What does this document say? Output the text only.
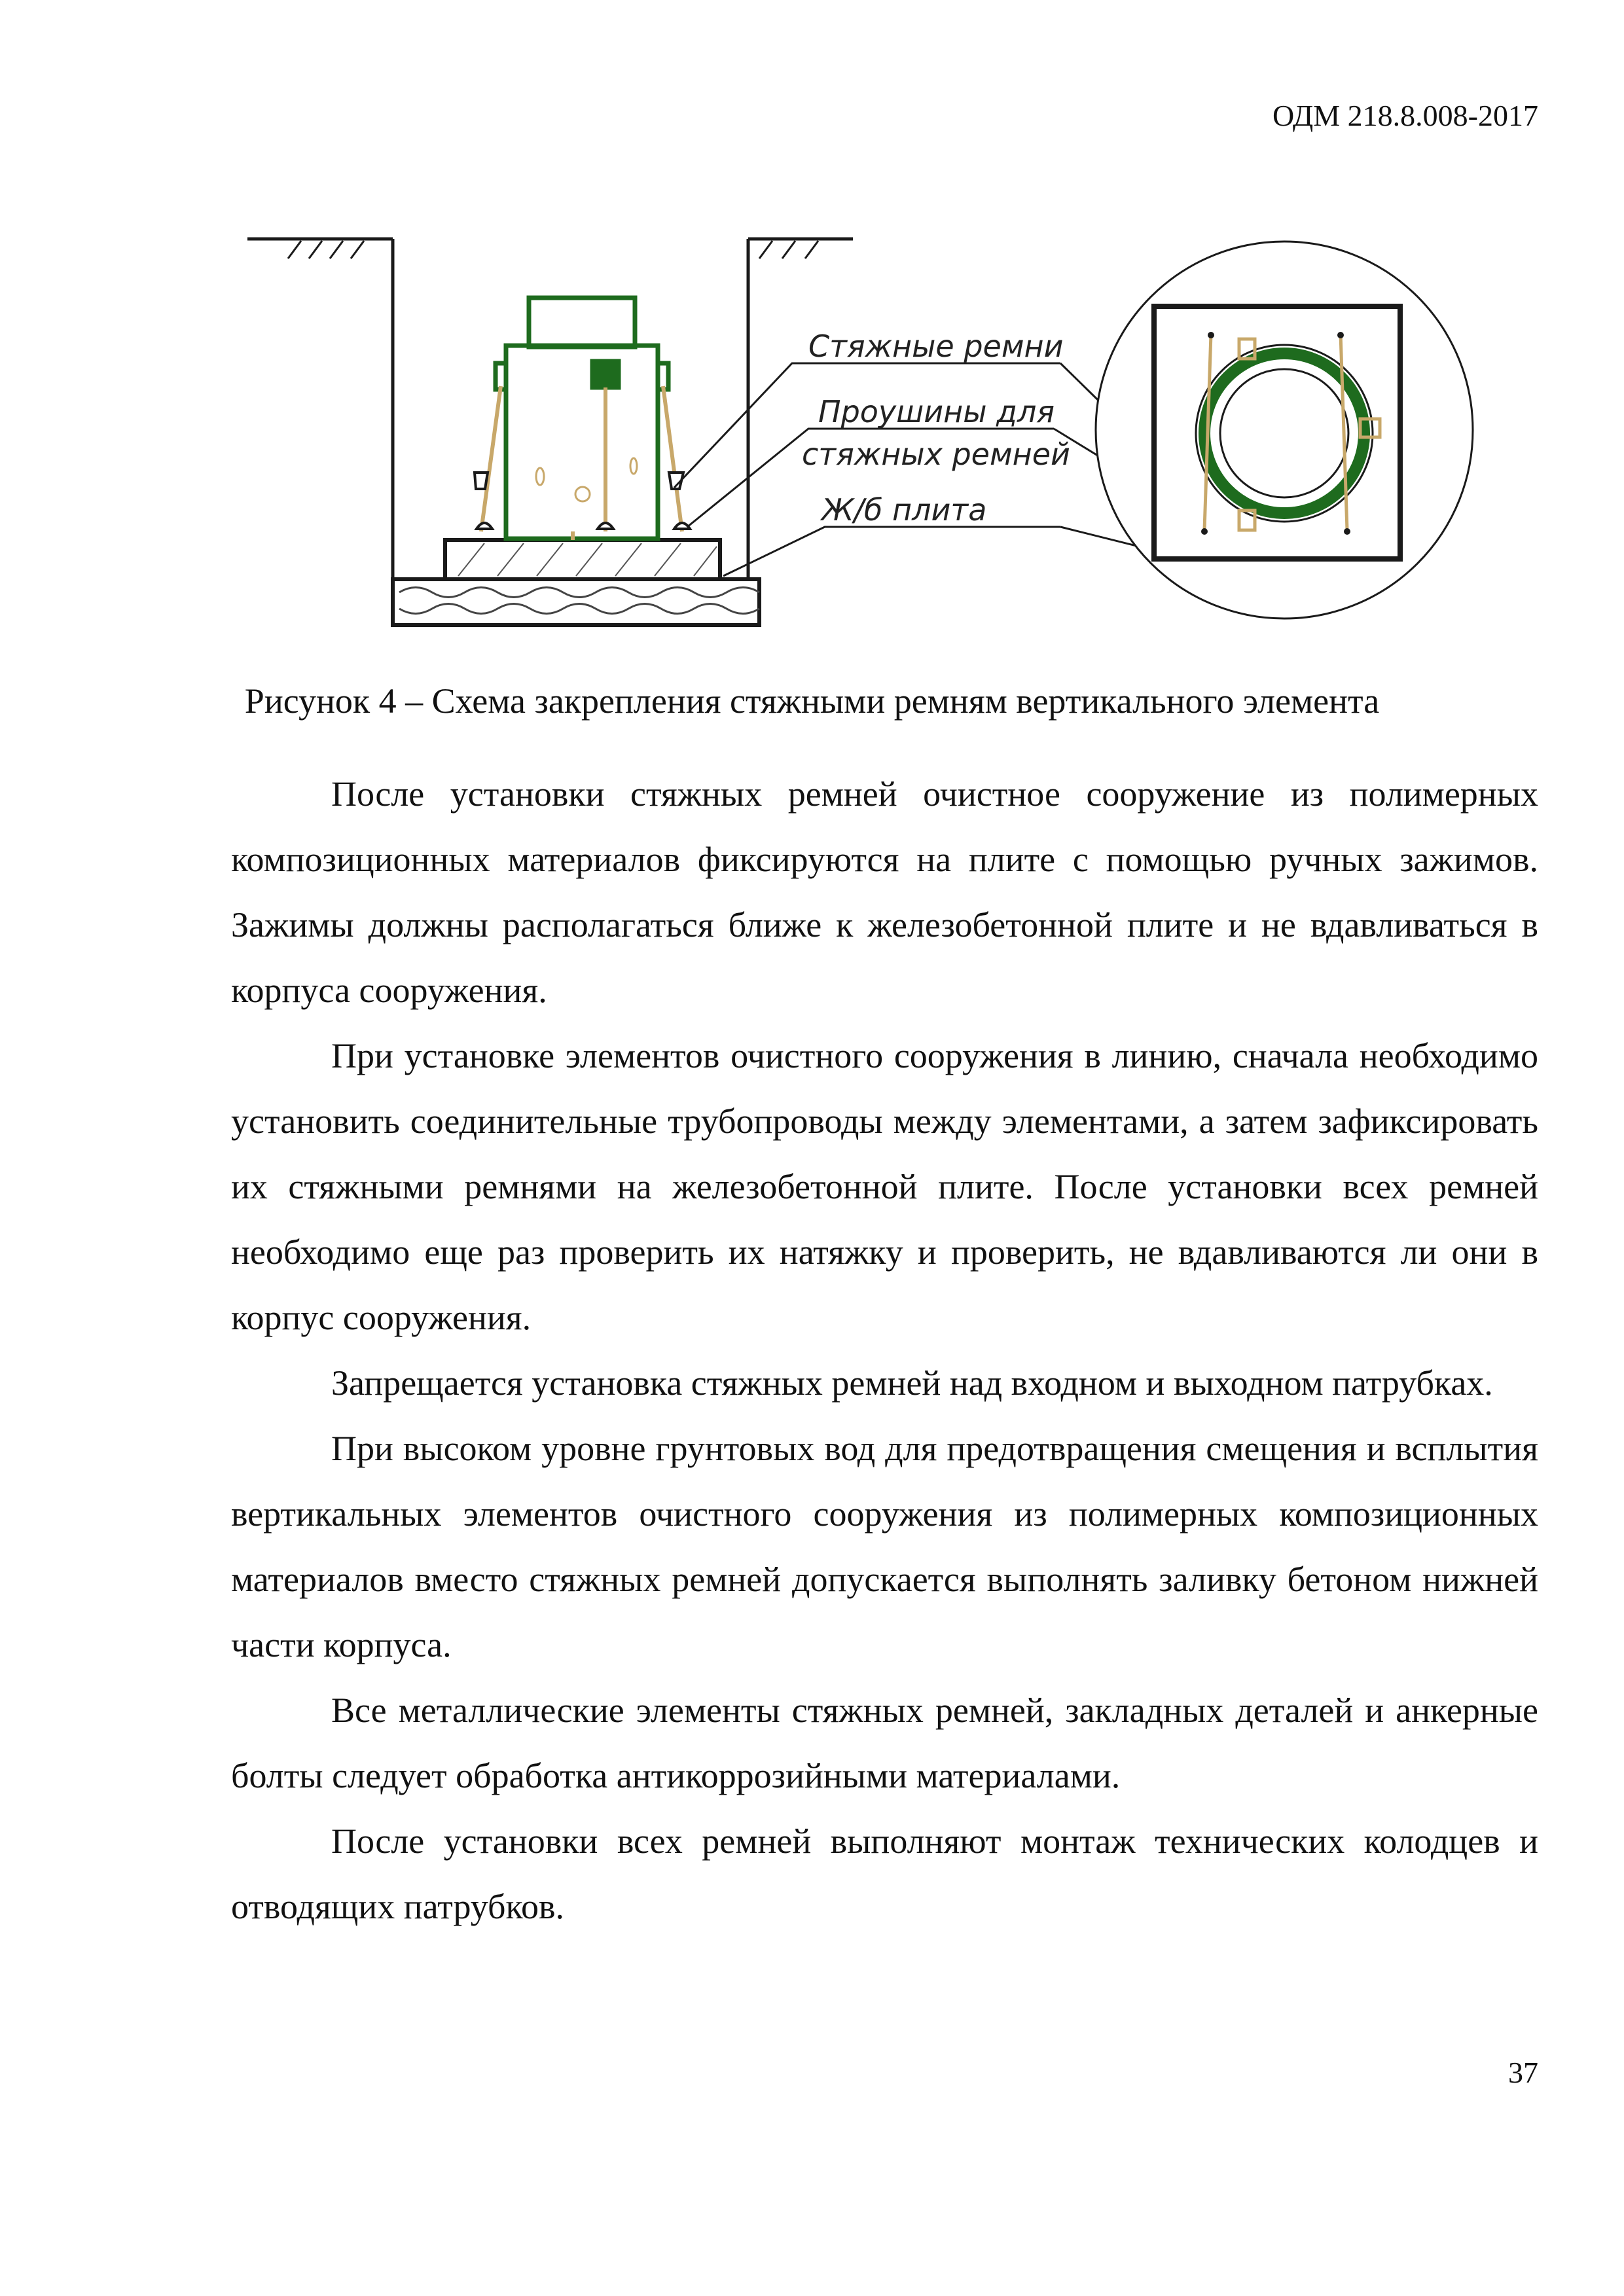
ОДМ 218.8.008-2017
Стяжные ремни
Проушины для
стяжных ремней
Ж/б плита
Рисунок 4 – Схема закрепления стяжными ремням вертикального элемента

После установки стяжных ремней очистное сооружение из полимерных композиционных материалов фиксируются на плите с помощью ручных зажимов. Зажимы должны располагаться ближе к железобетонной плите и не вдавливаться в корпуса сооружения.

При установке элементов очистного сооружения в линию, сначала необходимо установить соединительные трубопроводы между элементами, а затем зафиксировать их стяжными ремнями на железобетонной плите. После установки всех ремней необходимо еще раз проверить их натяжку и проверить, не вдавливаются ли они в корпус сооружения.

Запрещается установка стяжных ремней над входном и выходном патрубках.

При высоком уровне грунтовых вод для предотвращения смещения и всплытия вертикальных элементов очистного сооружения из полимерных композиционных материалов вместо стяжных ремней допускается выполнять заливку бетоном нижней части корпуса.

Все металлические элементы стяжных ремней, закладных деталей и анкерные болты следует обработка антикоррозийными материалами.

После установки всех ремней выполняют монтаж технических колодцев и отводящих патрубков.

37
